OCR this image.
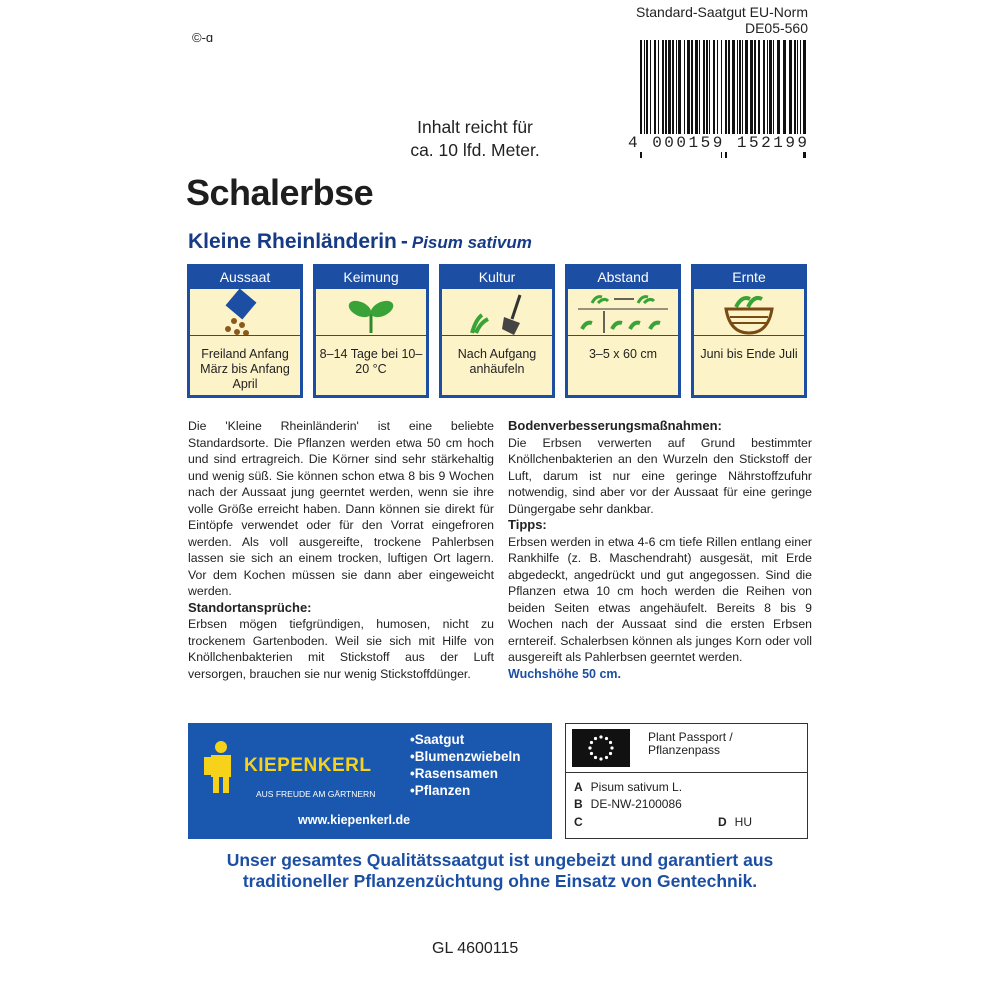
©-ɑ
Standard-Saatgut EU-Norm
DE05-560
4 000159 152199
Inhalt reicht für
ca. 10 lfd. Meter.
Schalerbse
Kleine Rheinländerin - Pisum sativum
Aussaat
Freiland Anfang März bis Anfang April
Keimung
8–14 Tage bei 10–20 °C
Kultur
Nach Aufgang anhäufeln
Abstand
3–5 x 60 cm
Ernte
Juni bis Ende Juli

Die 'Kleine Rheinländerin' ist eine beliebte Standardsorte. Die Pflanzen werden etwa 50 cm hoch und sind ertragreich. Die Körner sind sehr stärkehaltig und wenig süß. Sie können schon etwa 8 bis 9 Wochen nach der Aussaat jung geerntet werden, wenn sie ihre volle Größe erreicht haben. Dann können sie direkt für Eintöpfe verwendet oder für den Vorrat eingefroren werden. Als voll ausgereifte, trockene Pahlerbsen lassen sie sich an einem trocken, luftigen Ort lagern. Vor dem Kochen müssen sie dann aber eingeweicht werden.

Standortansprüche:

Erbsen mögen tiefgründigen, humosen, nicht zu trockenem Gartenboden. Weil sie sich mit Hilfe von Knöllchenbakterien mit Stickstoff aus der Luft versorgen, brauchen sie nur wenig Stickstoffdünger.

Bodenverbesserungsmaßnahmen:

Die Erbsen verwerten auf Grund bestimmter Knöllchenbakterien an den Wurzeln den Stickstoff der Luft, darum ist nur eine geringe Nährstoffzufuhr notwendig, sind aber vor der Aussaat für eine geringe Düngergabe sehr dankbar.

Tipps:

Erbsen werden in etwa 4-6 cm tiefe Rillen entlang einer Rankhilfe (z. B. Maschendraht) ausgesät, mit Erde abgedeckt, angedrückt und gut angegossen. Sind die Pflanzen etwa 10 cm hoch werden die Reihen von beiden Seiten etwas angehäufelt. Bereits 8 bis 9 Wochen nach der Aussaat sind die ersten Erbsen erntereif. Schalerbsen können als junges Korn oder voll ausgereift als Pahlerbsen geerntet werden.

Wuchshöhe 50 cm.

KIEPENKERL
AUS FREUDE AM GÄRTNERN
• Saatgut
• Blumenzwiebeln
• Rasensamen
• Pflanzen
www.kiepenkerl.de
Plant Passport /
Pflanzenpass
A Pisum sativum L.
B DE-NW-2100086
C	D HU
Unser gesamtes Qualitätssaatgut ist ungebeizt und garantiert aus
traditioneller Pflanzenzüchtung ohne Einsatz von Gentechnik.
GL 4600115
